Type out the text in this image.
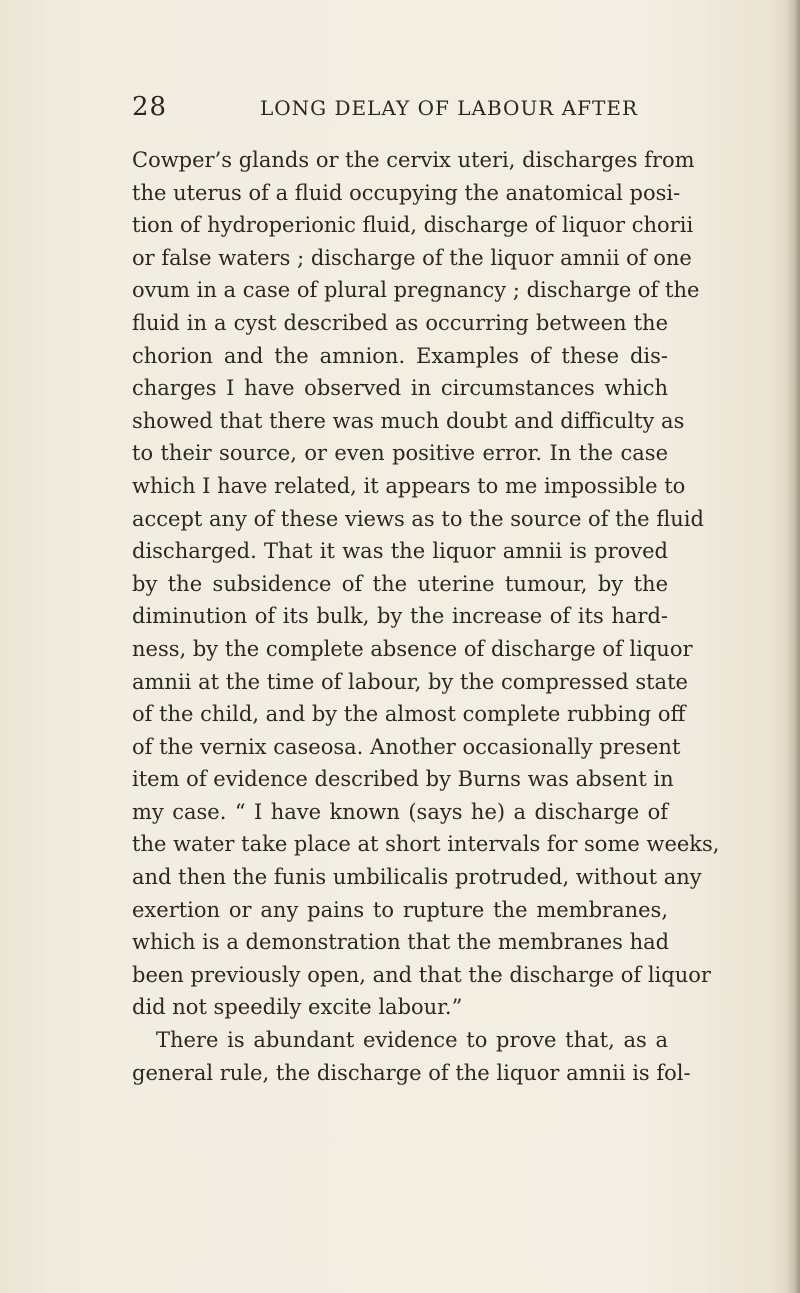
28	LONG DELAY OF LABOUR AFTER
Cowper’s glands or the cervix uteri, discharges from
the uterus of a fluid occupying the anatomical posi-
tion of hydroperionic fluid, discharge of liquor chorii
or false waters ; discharge of the liquor amnii of one
ovum in a case of plural pregnancy ; discharge of the
fluid in a cyst described as occurring between the
chorion and the amnion. Examples of these dis-
charges I have observed in circumstances which
showed that there was much doubt and difficulty as
to their source, or even positive error. In the case
which I have related, it appears to me impossible to
accept any of these views as to the source of the fluid
discharged. That it was the liquor amnii is proved
by the subsidence of the uterine tumour, by the
diminution of its bulk, by the increase of its hard-
ness, by the complete absence of discharge of liquor
amnii at the time of labour, by the compressed state
of the child, and by the almost complete rubbing off
of the vernix caseosa. Another occasionally present
item of evidence described by Burns was absent in
my case. “ I have known (says he) a discharge of
the water take place at short intervals for some weeks,
and then the funis umbilicalis protruded, without any
exertion or any pains to rupture the membranes,
which is a demonstration that the membranes had
been previously open, and that the discharge of liquor
did not speedily excite labour.”
There is abundant evidence to prove that, as a
general rule, the discharge of the liquor amnii is fol-
